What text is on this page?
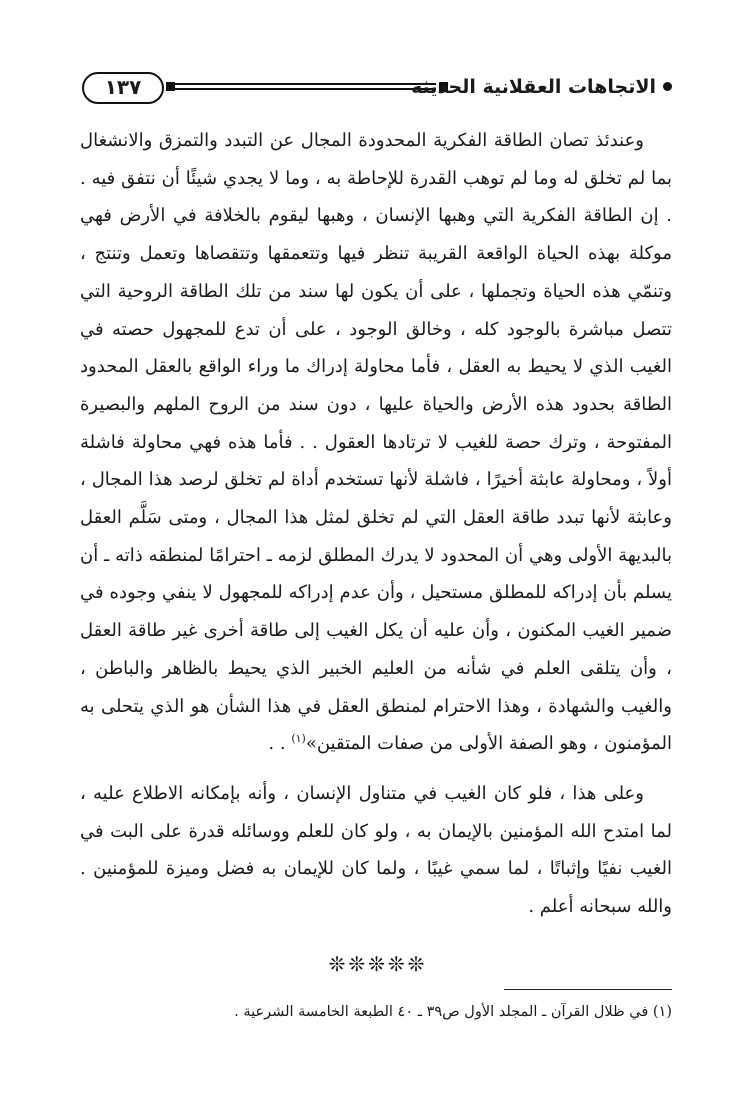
١٣٧	الاتجاهات العقلانية الحديثة

وعندئذ تصان الطاقة الفكرية المحدودة المجال عن التبدد والتمزق والانشغال بما لم تخلق له وما لم توهب القدرة للإحاطة به ، وما لا يجدي شيئًا أن نتفق فيه . . إن الطاقة الفكرية التي وهبها الإنسان ، وهبها ليقوم بالخلافة في الأرض فهي موكلة بهذه الحياة الواقعة القريبة تنظر فيها وتتعمقها وتتقصاها وتعمل وتنتج ، وتنمّي هذه الحياة وتجملها ، على أن يكون لها سند من تلك الطاقة الروحية التي تتصل مباشرة بالوجود كله ، وخالق الوجود ، على أن تدع للمجهول حصته في الغيب الذي لا يحيط به العقل ، فأما محاولة إدراك ما وراء الواقع بالعقل المحدود الطاقة بحدود هذه الأرض والحياة عليها ، دون سند من الروح الملهم والبصيرة المفتوحة ، وترك حصة للغيب لا ترتادها العقول . . فأما هذه فهي محاولة فاشلة أولاً ، ومحاولة عابثة أخيرًا ، فاشلة لأنها تستخدم أداة لم تخلق لرصد هذا المجال ، وعابثة لأنها تبدد طاقة العقل التي لم تخلق لمثل هذا المجال ، ومتى سَلَّم العقل بالبديهة الأولى وهي أن المحدود لا يدرك المطلق لزمه ـ احترامًا لمنطقه ذاته ـ أن يسلم بأن إدراكه للمطلق مستحيل ، وأن عدم إدراكه للمجهول لا ينفي وجوده في ضمير الغيب المكنون ، وأن عليه أن يكل الغيب إلى طاقة أخرى غير طاقة العقل ، وأن يتلقى العلم في شأنه من العليم الخبير الذي يحيط بالظاهر والباطن ، والغيب والشهادة ، وهذا الاحترام لمنطق العقل في هذا الشأن هو الذي يتحلى به المؤمنون ، وهو الصفة الأولى من صفات المتقين»$^{(١)}$ . .

وعلى هذا ، فلو كان الغيب في متناول الإنسان ، وأنه بإمكانه الاطلاع عليه ، لما امتدح الله المؤمنين بالإيمان به ، ولو كان للعلم ووسائله قدرة على البت في الغيب نفيًا وإثباتًا ، لما سمي غيبًا ، ولما كان للإيمان به فضل وميزة للمؤمنين . والله سبحانه أعلم .

❊❊❊❊❊
(١) في ظلال القرآن ـ المجلد الأول ص٣٩ ـ ٤٠ الطبعة الخامسة الشرعية .
